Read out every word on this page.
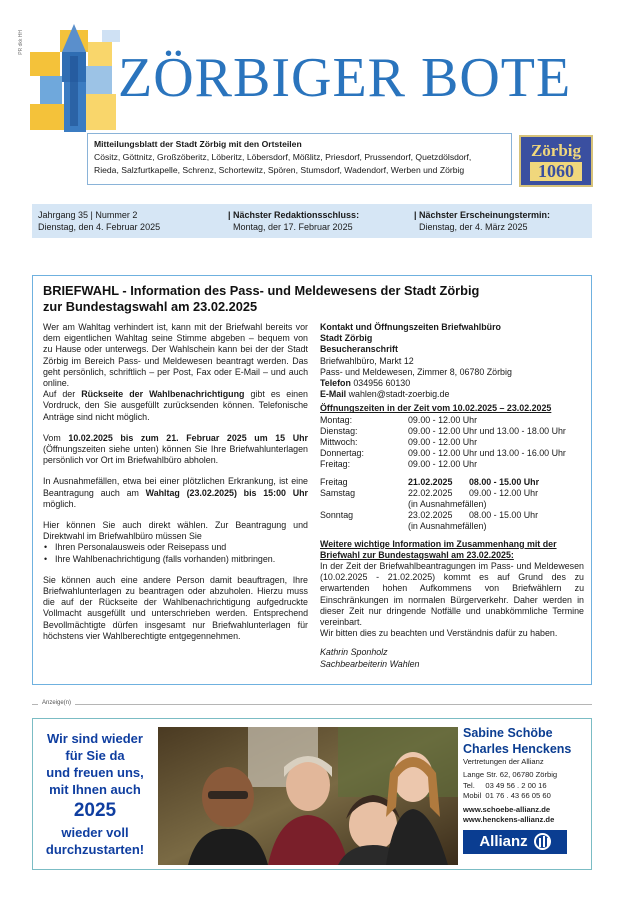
PR dkk HH
ZÖRBIGER BOTE
Mitteilungsblatt der Stadt Zörbig mit den Ortsteilen
Cösitz, Göttnitz, Großzöberitz, Löberitz, Löbersdorf, Mößlitz, Priesdorf, Prussendorf, Quetzdölsdorf,
Rieda, Salzfurtkapelle, Schrenz, Schortewitz, Spören, Stumsdorf, Wadendorf, Werben und Zörbig
Zörbig
1060
Jahrgang 35 | Nummer 2
Dienstag, den 4. Februar 2025
| Nächster Redaktionsschluss:
Montag, der 17. Februar 2025
| Nächster Erscheinungstermin:
Dienstag, der 4. März 2025
BRIEFWAHL - Information des Pass- und Meldewesens der Stadt Zörbig
zur Bundestagswahl am 23.02.2025

Wer am Wahltag verhindert ist, kann mit der Briefwahl bereits vor dem eigentlichen Wahltag seine Stimme abgeben – bequem von zu Hause oder unterwegs. Der Wahlschein kann bei der der Stadt Zörbig im Bereich Pass- und Meldewesen beantragt werden. Das geht persönlich, schriftlich – per Post, Fax oder E-Mail – und auch online.
Auf der Rückseite der Wahlbenachrichtigung gibt es einen Vordruck, den Sie ausgefüllt zurücksenden können. Telefonische Anträge sind nicht möglich.

Vom 10.02.2025 bis zum 21. Februar 2025 um 15 Uhr (Öffnungszeiten siehe unten) können Sie Ihre Briefwahlunterlagen persönlich vor Ort im Briefwahlbüro abholen.

In Ausnahmefällen, etwa bei einer plötzlichen Erkrankung, ist eine Beantragung auch am Wahltag (23.02.2025) bis 15:00 Uhr möglich.

Hier können Sie auch direkt wählen. Zur Beantragung und Direktwahl im Briefwahlbüro müssen Sie

• Ihren Personalausweis oder Reisepass und
• Ihre Wahlbenachrichtigung (falls vorhanden) mitbringen.

Sie können auch eine andere Person damit beauftragen, Ihre Briefwahlunterlagen zu beantragen oder abzuholen. Hierzu muss die auf der Rückseite der Wahlbenachrichtigung aufgedruckte Vollmacht ausgefüllt und unterschrieben werden. Entsprechend Bevollmächtigte dürfen insgesamt nur Briefwahlunterlagen für höchstens vier Wahlberechtigte entgegennehmen.

Kontakt und Öffnungszeiten Briefwahlbüro
Stadt Zörbig
Besucheranschrift
Briefwahlbüro, Markt 12
Pass- und Meldewesen, Zimmer 8, 06780 Zörbig
Telefon 034956 60130
E-Mail wahlen@stadt-zoerbig.de
Öffnungszeiten in der Zeit vom 10.02.2025 – 23.02.2025
Montag:	09.00 - 12.00 Uhr
Dienstag:	09.00 - 12.00 Uhr und 13.00 - 18.00 Uhr
Mittwoch:	09.00 - 12.00 Uhr
Donnertag:	09.00 - 12.00 Uhr und 13.00 - 16.00 Uhr
Freitag:	09.00 - 12.00 Uhr
Freitag	21.02.2025	08.00 - 15.00 Uhr
Samstag	22.02.2025	09.00 - 12.00 Uhr
	(in Ausnahmefällen)	
Sonntag	23.02.2025	08.00 - 15.00 Uhr
	(in Ausnahmefällen)	
Weitere wichtige Information im Zusammenhang mit der Briefwahl zur Bundestagswahl am 23.02.2025:
In der Zeit der Briefwahlbeantragungen im Pass- und Meldewesen (10.02.2025 - 21.02.2025) kommt es auf Grund des zu erwartenden hohen Aufkommens von Briefwählern zu Einschränkungen im normalen Bürgerverkehr. Daher werden in dieser Zeit nur dringende Notfälle und unabkömmliche Termine vereinbart.
Wir bitten dies zu beachten und Verständnis dafür zu haben.
Kathrin Sponholz
Sachbearbeiterin Wahlen
Anzeige(n)
Wir sind wieder
für Sie da
und freuen uns,
mit Ihnen auch
2025
wieder voll
durchzustarten!
Sabine Schöbe
Charles Henckens
Vertretungen der Allianz
Lange Str. 62, 06780 Zörbig
Tel.     03 49 56 . 2 00 16
Mobil  01 76 . 43 66 05 60
www.schoebe-allianz.de
www.henckens-allianz.de
Allianz
